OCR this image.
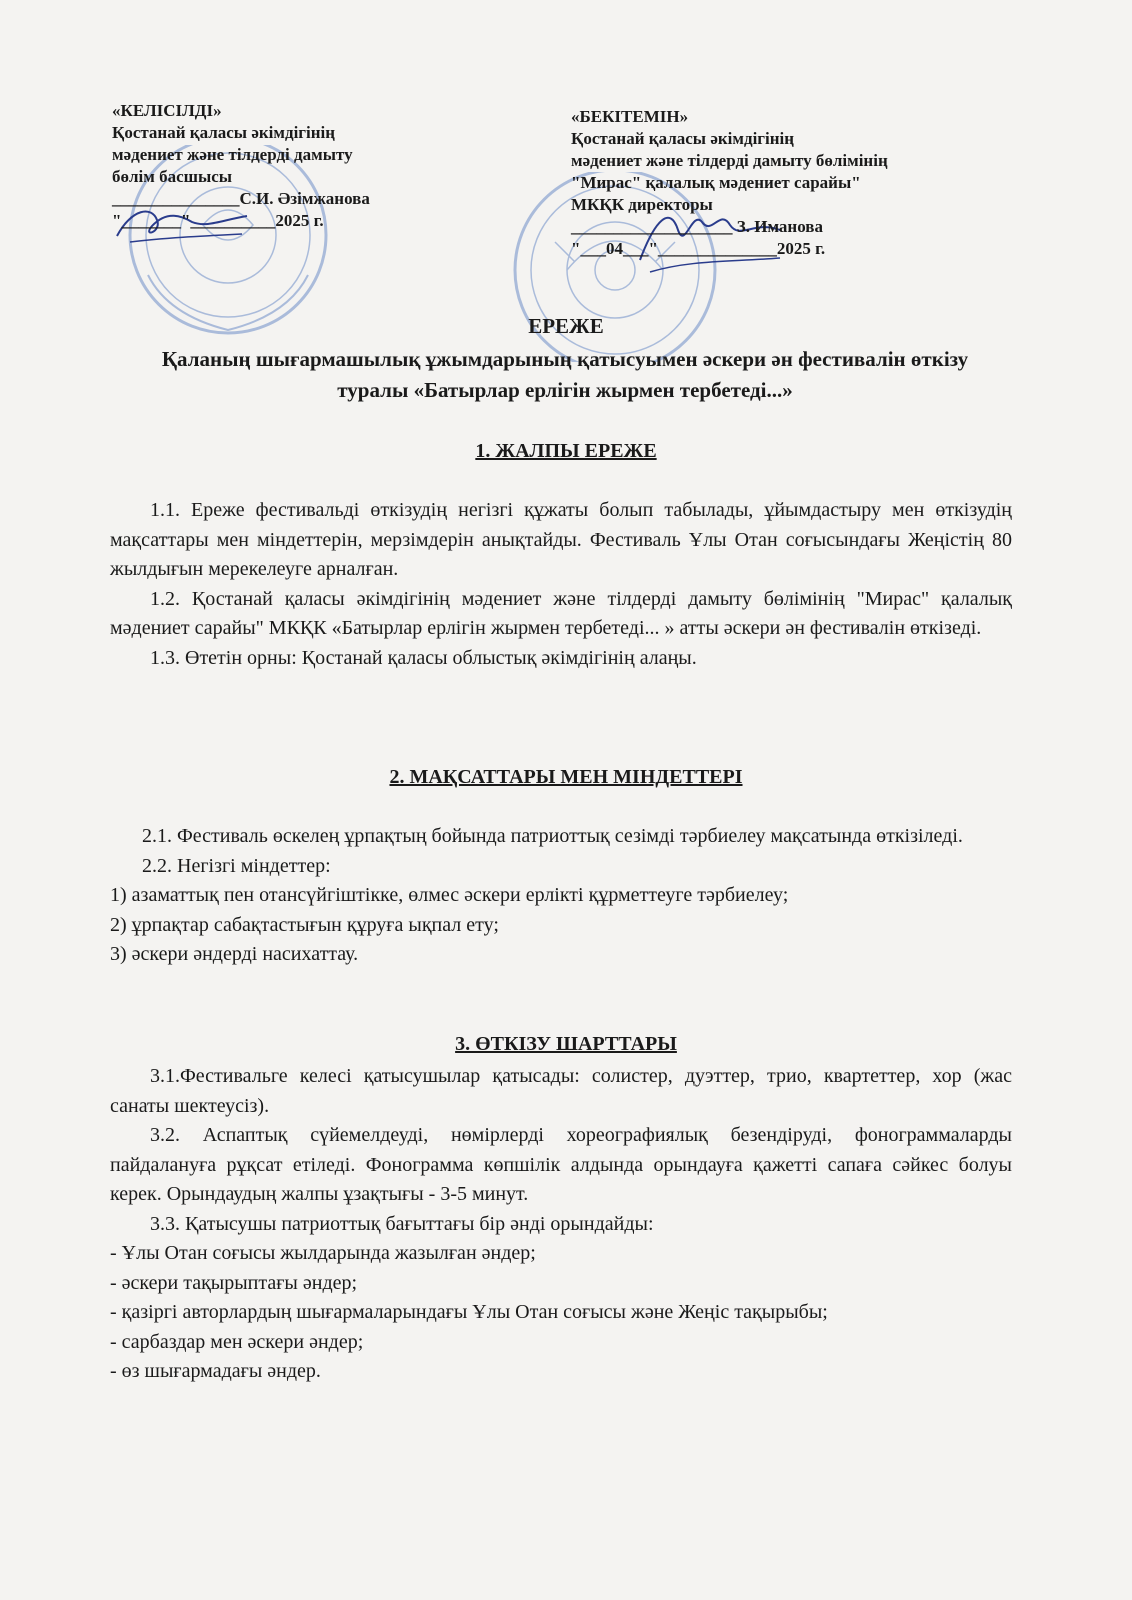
«КЕЛІСІЛДІ»
Қостанай қаласы әкімдігінің
мәдениет және тілдерді дамыту
бөлім басшысы
_______________С.И. Әзімжанова
"_______"__________2025 г.
«БЕКІТЕМІН»
Қостанай қаласы әкімдігінің
мәдениет және тілдерді дамыту бөлімінің
"Мирас" қалалық мәдениет сарайы"
МКҚК директоры
___________________ З. Иманова
"___04___"______________2025 г.
ЕРЕЖЕ
Қаланың шығармашылық ұжымдарының қатысуымен әскери ән фестивалін өткізу туралы «Батырлар ерлігін жырмен тербетеді...»
1. ЖАЛПЫ ЕРЕЖЕ

1.1. Ереже фестивальді өткізудің негізгі құжаты болып табылады, ұйымдастыру мен өткізудің мақсаттары мен міндеттерін, мерзімдерін анықтайды. Фестиваль Ұлы Отан соғысындағы Жеңістің 80 жылдығын мерекелеуге арналған.

1.2. Қостанай қаласы әкімдігінің мәдениет және тілдерді дамыту бөлімінің "Мирас" қалалық мәдениет сарайы" МКҚК «Батырлар ерлігін жырмен тербетеді... » атты әскери ән фестивалін өткізеді.

1.3. Өтетін орны: Қостанай қаласы облыстық әкімдігінің алаңы.

2. МАҚСАТТАРЫ МЕН МІНДЕТТЕРІ

2.1. Фестиваль өскелең ұрпақтың бойында патриоттық сезімді тәрбиелеу мақсатында өткізіледі.

2.2. Негізгі міндеттер:

1) азаматтық пен отансүйгіштікке, өлмес әскери ерлікті құрметтеуге тәрбиелеу;

2) ұрпақтар сабақтастығын құруға ықпал ету;

3) әскери әндерді насихаттау.

3. ӨТКІЗУ ШАРТТАРЫ

3.1.Фестивальге келесі қатысушылар қатысады: солистер, дуэттер, трио, квартеттер, хор (жас санаты шектеусіз).

3.2. Аспаптық сүйемелдеуді, нөмірлерді хореографиялық безендіруді, фонограммаларды пайдалануға рұқсат етіледі. Фонограмма көпшілік алдында орындауға қажетті сапаға сәйкес болуы керек. Орындаудың жалпы ұзақтығы - 3-5 минут.

3.3. Қатысушы патриоттық бағыттағы бір әнді орындайды:

- Ұлы Отан соғысы жылдарында жазылған әндер;

- әскери тақырыптағы әндер;

- қазіргі авторлардың шығармаларындағы Ұлы Отан соғысы және Жеңіс тақырыбы;

- сарбаздар мен әскери әндер;

- өз шығармадағы әндер.
